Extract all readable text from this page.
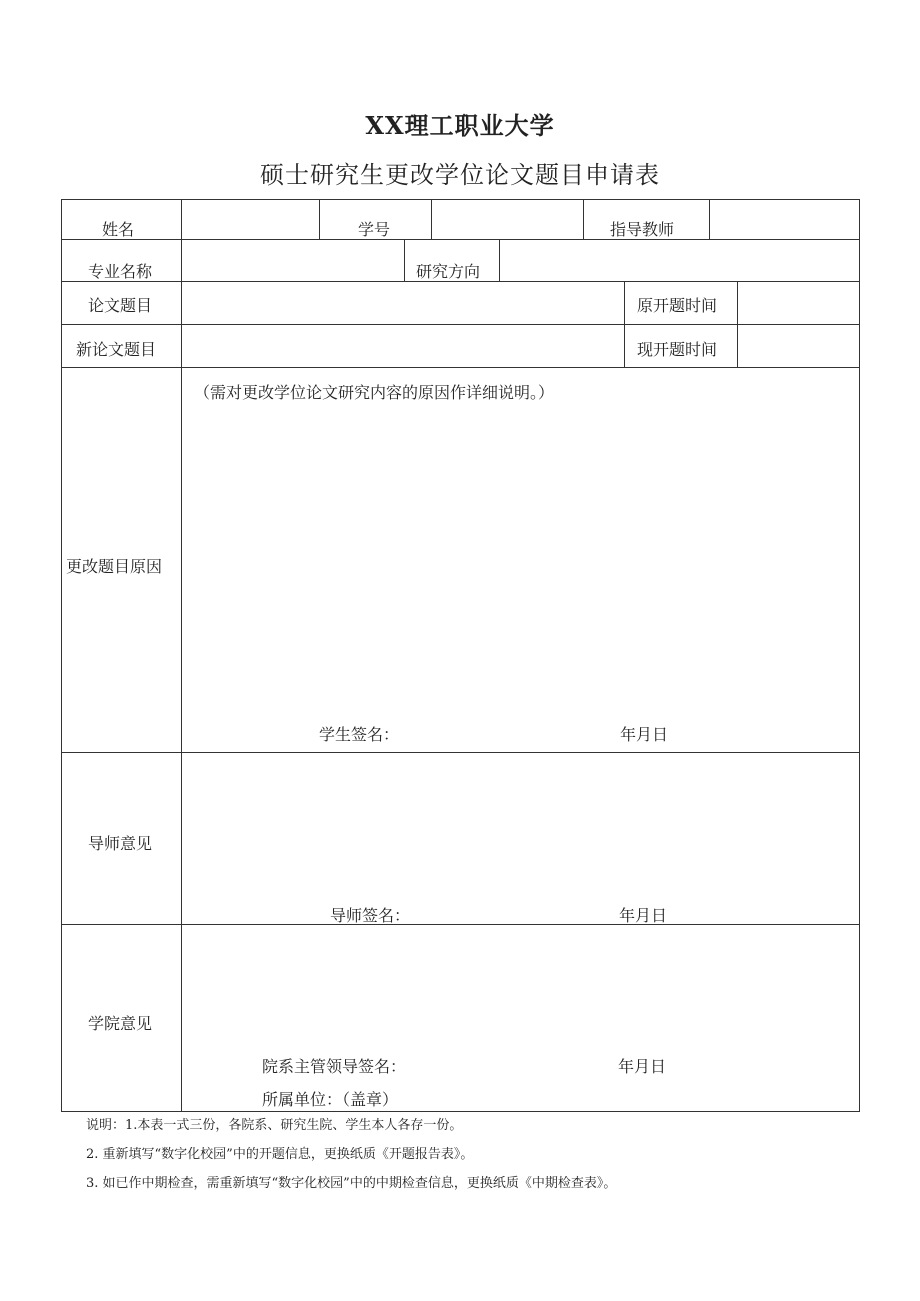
XX理工职业大学
硕士研究生更改学位论文题目申请表
姓名	学号	指导教师
专业名称	研究方向
论文题目	原开题时间
新论文题目	现开题时间
更改题目原因
（需对更改学位论文研究内容的原因作详细说明。）
学生签名：	年月日
导师意见
导师签名：	年月日
学院意见
院系主管领导签名：	年月日
所属单位：（盖章）
说明：1.本表一式三份，各院系、研究生院、学生本人各存一份。
2. 重新填写“数字化校园”中的开题信息，更换纸质《开题报告表》。
3. 如已作中期检查，需重新填写“数字化校园”中的中期检查信息，更换纸质《中期检查表》。
